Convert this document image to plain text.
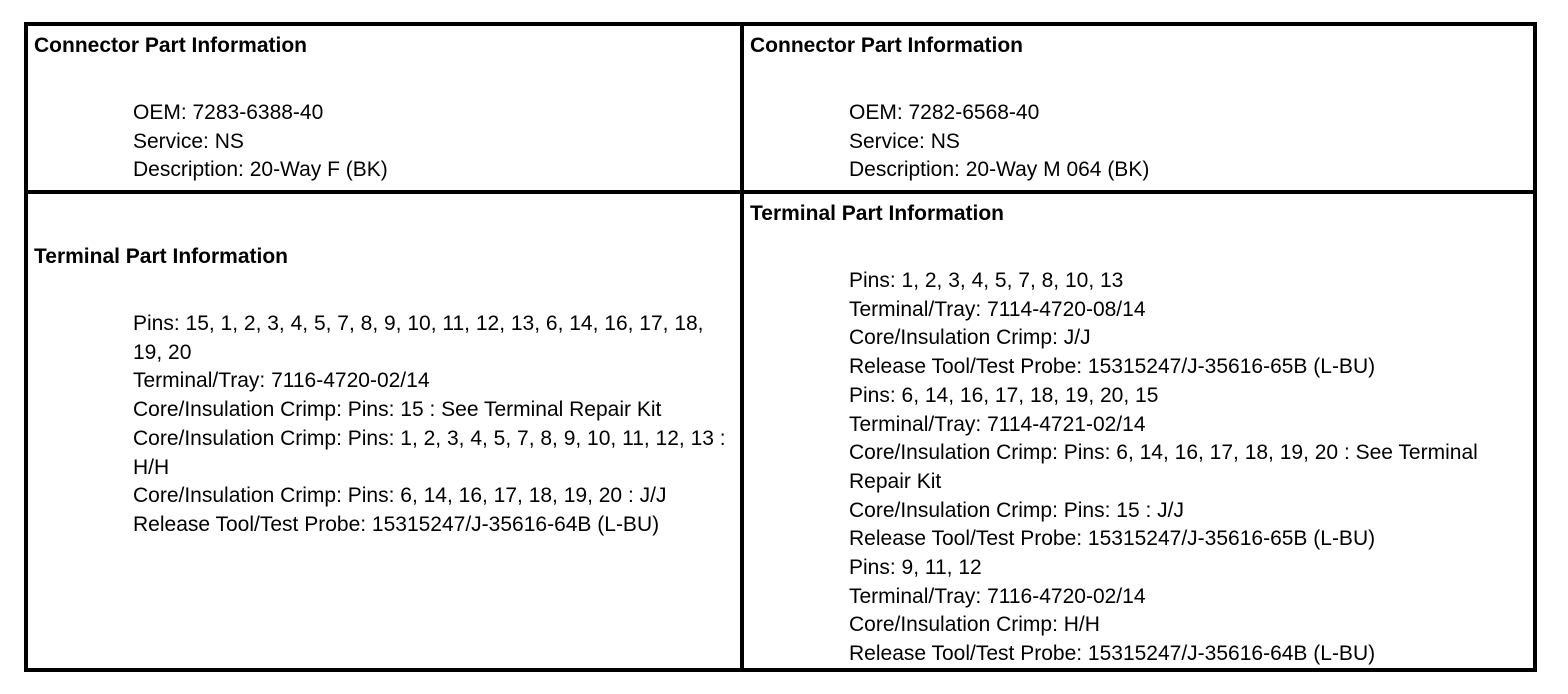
Connector Part Information
OEM: 7283-6388-40
Service: NS
Description: 20-Way F (BK)
Connector Part Information
OEM: 7282-6568-40
Service: NS
Description: 20-Way M 064 (BK)
Terminal Part Information
Pins: 15, 1, 2, 3, 4, 5, 7, 8, 9, 10, 11, 12, 13, 6, 14, 16, 17, 18, 19, 20
Terminal/Tray: 7116-4720-02/14
Core/Insulation Crimp: Pins: 15 : See Terminal Repair Kit
Core/Insulation Crimp: Pins: 1, 2, 3, 4, 5, 7, 8, 9, 10, 11, 12, 13 : H/H
Core/Insulation Crimp: Pins: 6, 14, 16, 17, 18, 19, 20 : J/J
Release Tool/Test Probe: 15315247/J-35616-64B (L-BU)
Terminal Part Information
Pins: 1, 2, 3, 4, 5, 7, 8, 10, 13
Terminal/Tray: 7114-4720-08/14
Core/Insulation Crimp: J/J
Release Tool/Test Probe: 15315247/J-35616-65B (L-BU)
Pins: 6, 14, 16, 17, 18, 19, 20, 15
Terminal/Tray: 7114-4721-02/14
Core/Insulation Crimp: Pins: 6, 14, 16, 17, 18, 19, 20 : See Terminal Repair Kit
Core/Insulation Crimp: Pins: 15 : J/J
Release Tool/Test Probe: 15315247/J-35616-65B (L-BU)
Pins: 9, 11, 12
Terminal/Tray: 7116-4720-02/14
Core/Insulation Crimp: H/H
Release Tool/Test Probe: 15315247/J-35616-64B (L-BU)
